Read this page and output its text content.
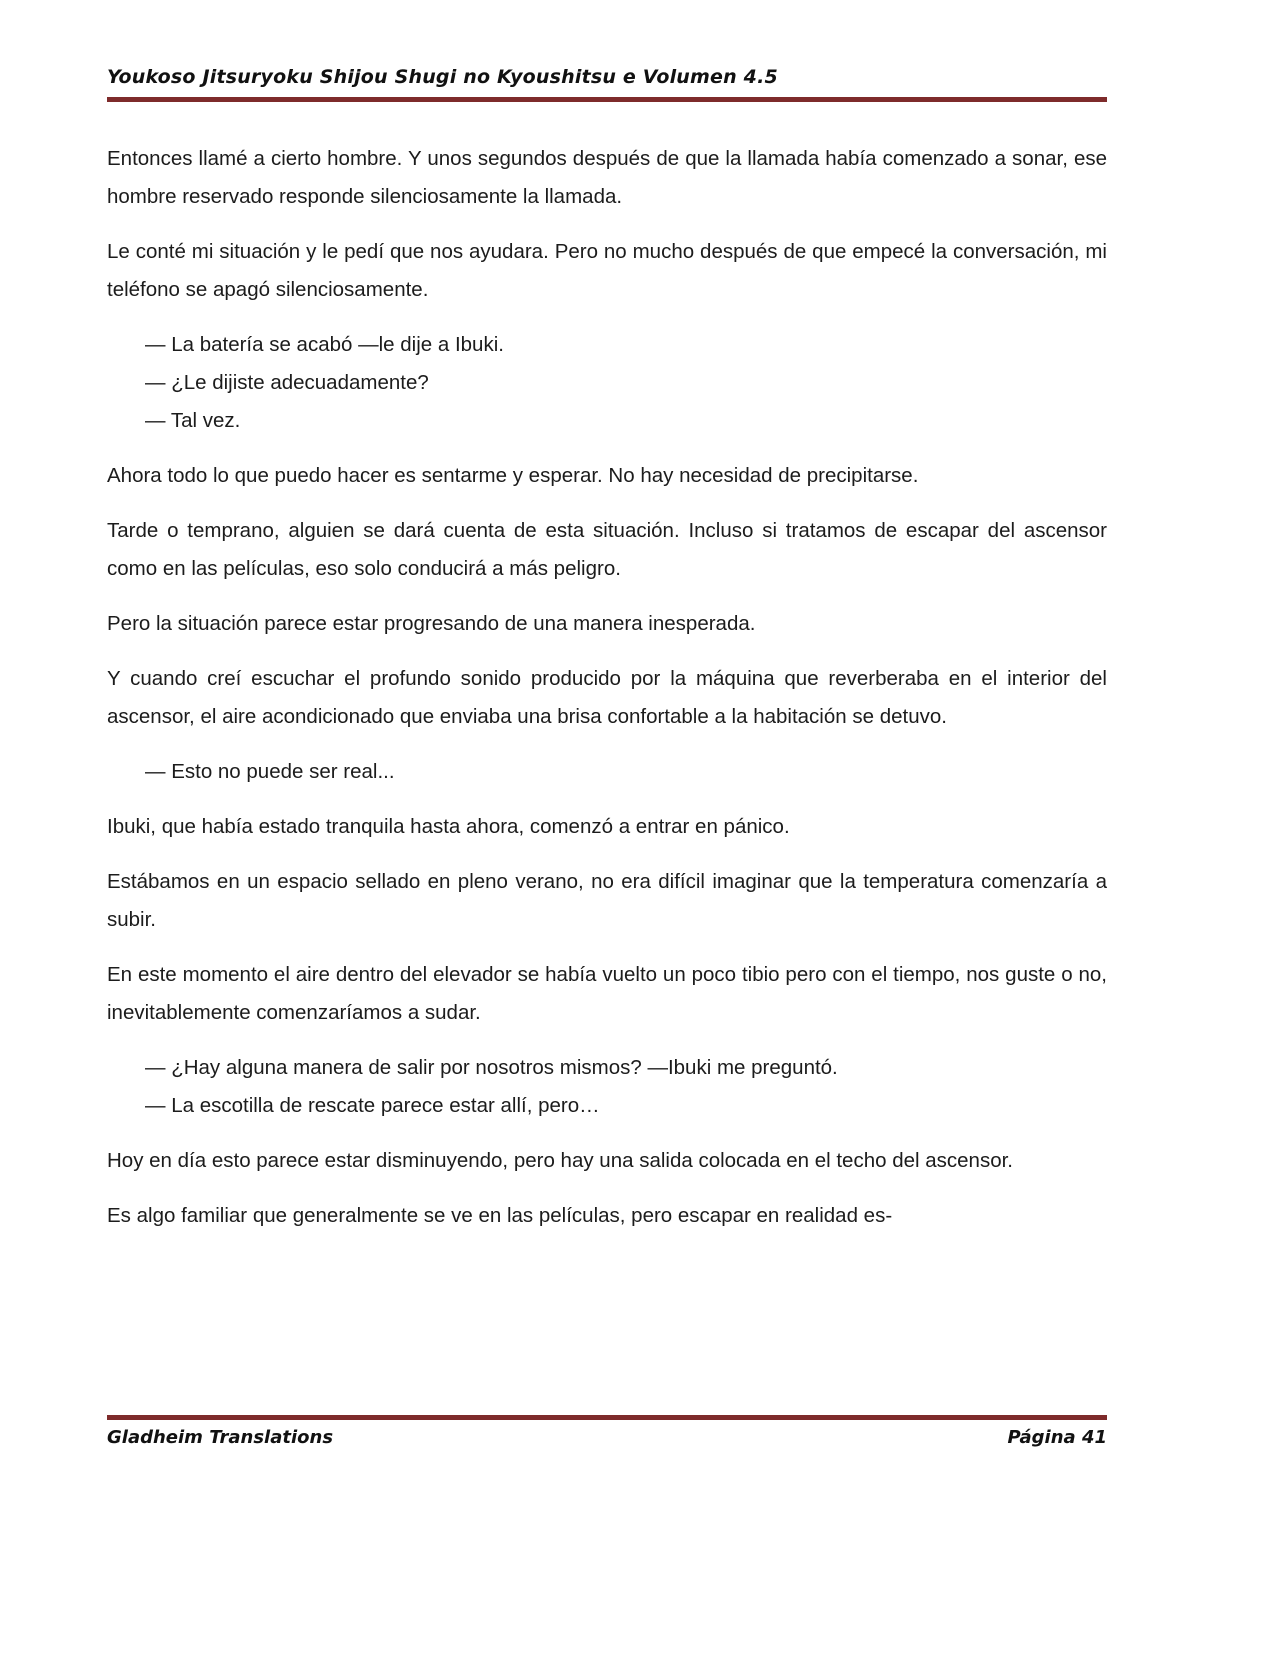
Youkoso Jitsuryoku Shijou Shugi no Kyoushitsu e Volumen 4.5

Entonces llamé a cierto hombre. Y unos segundos después de que la llamada había comenzado a sonar, ese hombre reservado responde silenciosamente la llamada.

Le conté mi situación y le pedí que nos ayudara. Pero no mucho después de que empecé la conversación, mi teléfono se apagó silenciosamente.

— La batería se acabó —le dije a Ibuki.

— ¿Le dijiste adecuadamente?

— Tal vez.

Ahora todo lo que puedo hacer es sentarme y esperar. No hay necesidad de precipitarse.

Tarde o temprano, alguien se dará cuenta de esta situación. Incluso si tratamos de escapar del ascensor como en las películas, eso solo conducirá a más peligro.

Pero la situación parece estar progresando de una manera inesperada.

Y cuando creí escuchar el profundo sonido producido por la máquina que reverberaba en el interior del ascensor, el aire acondicionado que enviaba una brisa confortable a la habitación se detuvo.

— Esto no puede ser real...

Ibuki, que había estado tranquila hasta ahora, comenzó a entrar en pánico.

Estábamos en un espacio sellado en pleno verano, no era difícil imaginar que la temperatura comenzaría a subir.

En este momento el aire dentro del elevador se había vuelto un poco tibio pero con el tiempo, nos guste o no, inevitablemente comenzaríamos a sudar.

— ¿Hay alguna manera de salir por nosotros mismos? —Ibuki me preguntó.

— La escotilla de rescate parece estar allí, pero…

Hoy en día esto parece estar disminuyendo, pero hay una salida colocada en el techo del ascensor.

Es algo familiar que generalmente se ve en las películas, pero escapar en realidad es-

Gladheim Translations	Página 41
